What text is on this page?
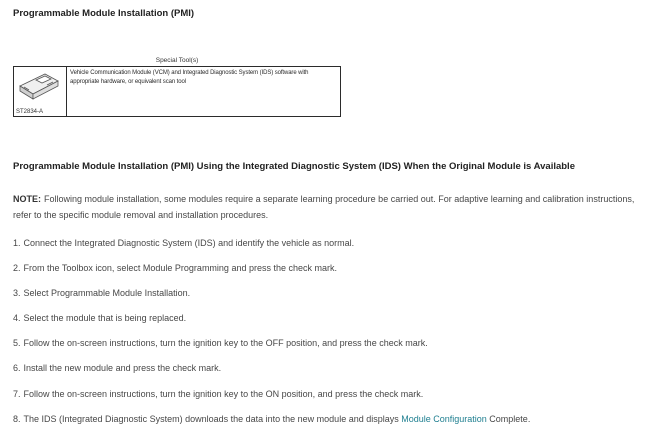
Programmable Module Installation (PMI)
Special Tool(s)
ST2834-A
Vehicle Communication Module (VCM) and Integrated Diagnostic System (IDS) software with appropriate hardware, or equivalent scan tool
Programmable Module Installation (PMI) Using the Integrated Diagnostic System (IDS) When the Original Module is Available

NOTE: Following module installation, some modules require a separate learning procedure be carried out. For adaptive learning and calibration instructions, refer to the specific module removal and installation procedures.

1. Connect the Integrated Diagnostic System (IDS) and identify the vehicle as normal.
2. From the Toolbox icon, select Module Programming and press the check mark.
3. Select Programmable Module Installation.
4. Select the module that is being replaced.
5. Follow the on-screen instructions, turn the ignition key to the OFF position, and press the check mark.
6. Install the new module and press the check mark.
7. Follow the on-screen instructions, turn the ignition key to the ON position, and press the check mark.
8. The IDS (Integrated Diagnostic System) downloads the data into the new module and displays Module Configuration Complete.
